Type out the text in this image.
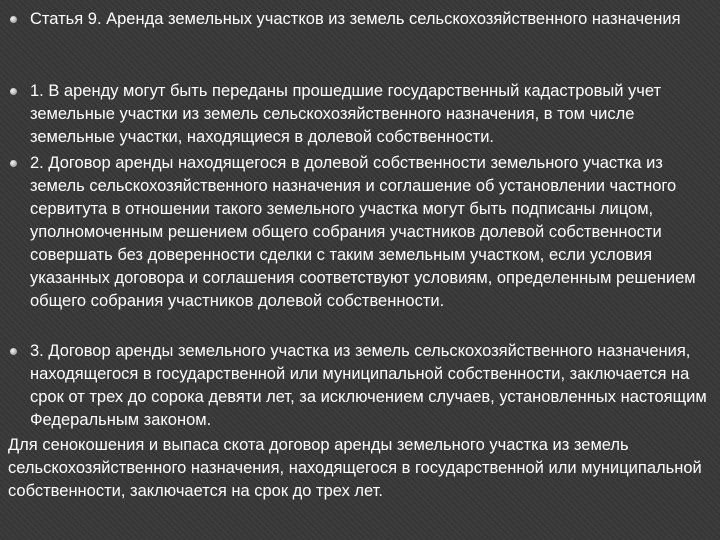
Статья 9. Аренда земельных участков из земель сельскохозяйственного назначения
1. В аренду могут быть переданы прошедшие государственный кадастровый учет земельные участки из земель сельскохозяйственного назначения, в том числе земельные участки, находящиеся в долевой собственности.
2. Договор аренды находящегося в долевой собственности земельного участка из земель сельскохозяйственного назначения и соглашение об установлении частного сервитута в отношении такого земельного участка могут быть подписаны лицом, уполномоченным решением общего собрания участников долевой собственности совершать без доверенности сделки с таким земельным участком, если условия указанных договора и соглашения соответствуют условиям, определенным решением общего собрания участников долевой собственности.
3. Договор аренды земельного участка из земель сельскохозяйственного назначения, находящегося в государственной или муниципальной собственности, заключается на срок от трех до сорока девяти лет, за исключением случаев, установленных настоящим Федеральным законом.
Для сенокошения и выпаса скота договор аренды земельного участка из земель сельскохозяйственного назначения, находящегося в государственной или муниципальной собственности, заключается на срок до трех лет.
